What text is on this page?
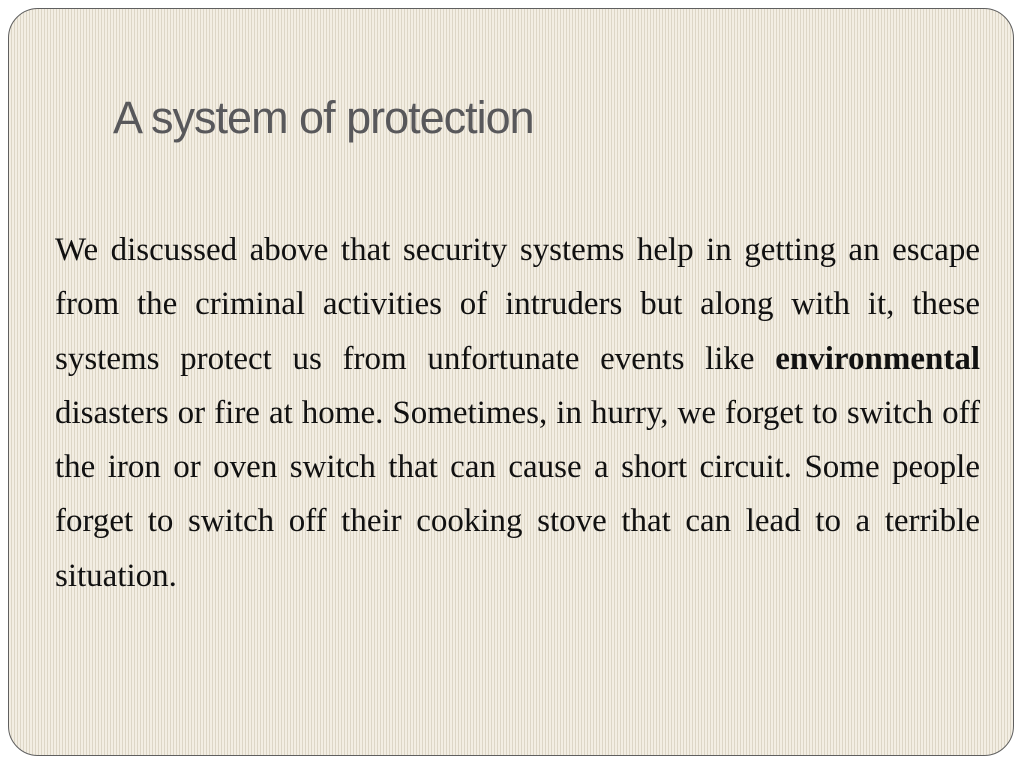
A system of protection

We discussed above that security systems help in getting an escape from the criminal activities of intruders but along with it, these systems protect us from unfortunate events like environmental disasters or fire at home. Sometimes, in hurry, we forget to switch off the iron or oven switch that can cause a short circuit. Some people forget to switch off their cooking stove that can lead to a terrible situation.
